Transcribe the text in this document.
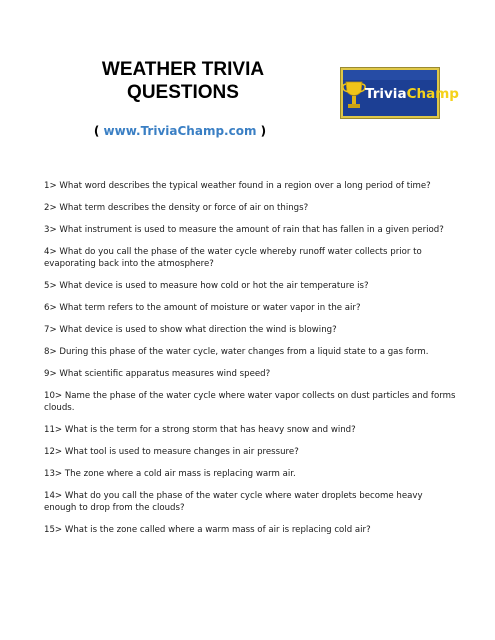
WEATHER TRIVIA
QUESTIONS
( www.TriviaChamp.com )
TriviaChamp
1> What word describes the typical weather found in a region over a long period of time?
2> What term describes the density or force of air on things?
3> What instrument is used to measure the amount of rain that has fallen in a given period?
4> What do you call the phase of the water cycle whereby runoff water collects prior to evaporating back into the atmosphere?
5> What device is used to measure how cold or hot the air temperature is?
6> What term refers to the amount of moisture or water vapor in the air?
7> What device is used to show what direction the wind is blowing?
8> During this phase of the water cycle, water changes from a liquid state to a gas form.
9> What scientific apparatus measures wind speed?
10> Name the phase of the water cycle where water vapor collects on dust particles and forms clouds.
11> What is the term for a strong storm that has heavy snow and wind?
12> What tool is used to measure changes in air pressure?
13> The zone where a cold air mass is replacing warm air.
14> What do you call the phase of the water cycle where water droplets become heavy enough to drop from the clouds?
15> What is the zone called where a warm mass of air is replacing cold air?
